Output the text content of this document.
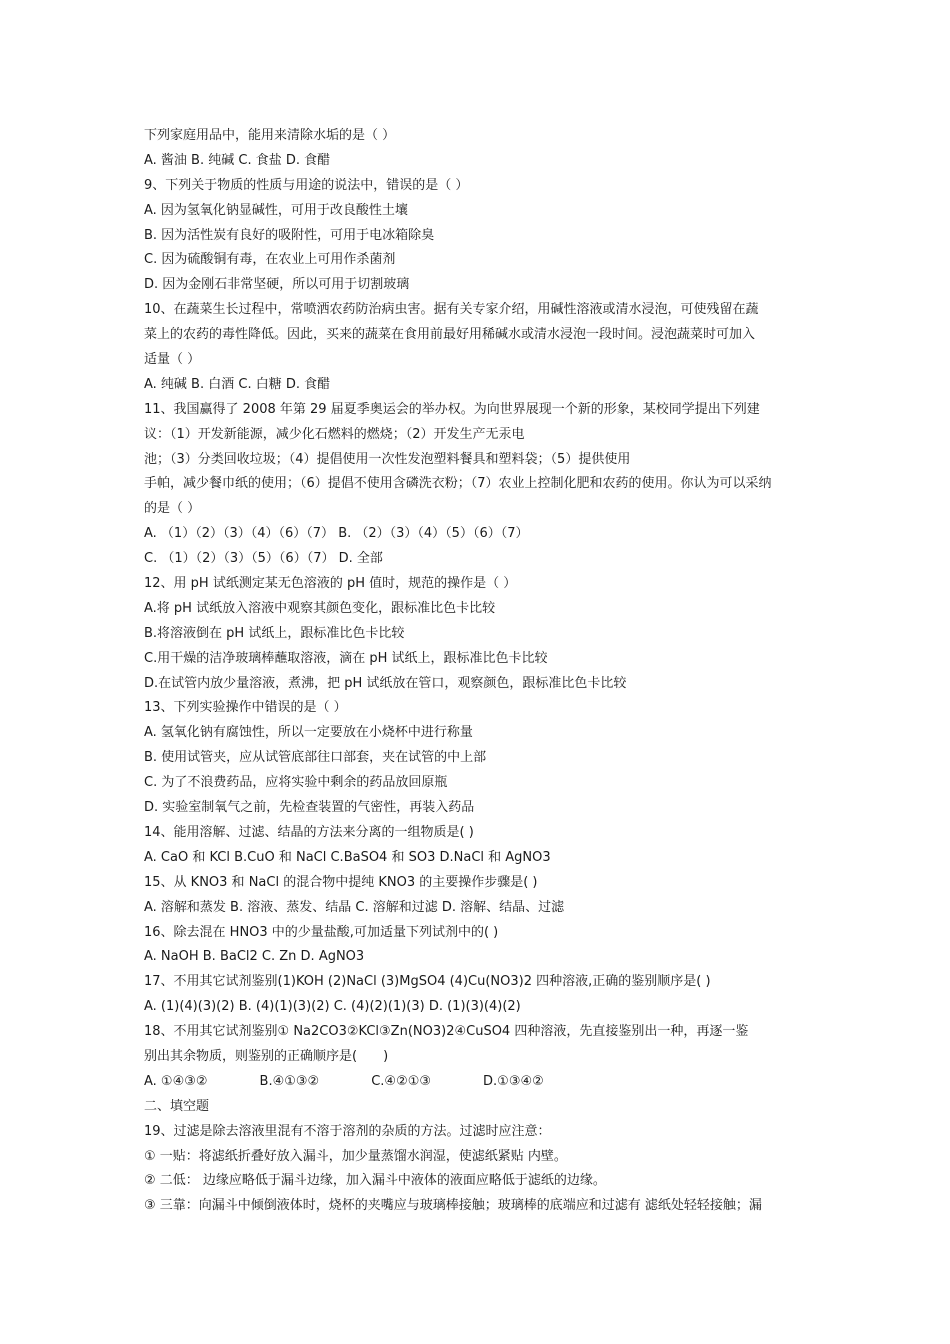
下列家庭用品中，能用来清除水垢的是（ ）
A. 酱油 B. 纯碱 C. 食盐 D. 食醋
9、下列关于物质的性质与用途的说法中，错误的是（ ）
A. 因为氢氧化钠显碱性，可用于改良酸性土壤
B. 因为活性炭有良好的吸附性，可用于电冰箱除臭
C. 因为硫酸铜有毒，在农业上可用作杀菌剂
D. 因为金刚石非常坚硬，所以可用于切割玻璃
10、在蔬菜生长过程中，常喷洒农药防治病虫害。据有关专家介绍，用碱性溶液或清水浸泡，可使残留在蔬
菜上的农药的毒性降低。因此，买来的蔬菜在食用前最好用稀碱水或清水浸泡一段时间。浸泡蔬菜时可加入
适量（ ）
A. 纯碱 B. 白酒 C. 白糖 D. 食醋
11、我国赢得了 2008 年第 29 届夏季奥运会的举办权。为向世界展现一个新的形象，某校同学提出下列建
议：（1）开发新能源，减少化石燃料的燃烧；（2）开发生产无汞电
池；（3）分类回收垃圾；（4）提倡使用一次性发泡塑料餐具和塑料袋；（5）提供使用
手帕，减少餐巾纸的使用；（6）提倡不使用含磷洗衣粉；（7）农业上控制化肥和农药的使用。你认为可以采纳
的是（ ）
A. （1）（2）（3）（4）（6）（7） B. （2）（3）（4）（5）（6）（7）
C. （1）（2）（3）（5）（6）（7） D. 全部
12、用 pH 试纸测定某无色溶液的 pH 值时，规范的操作是（ ）
A.将 pH 试纸放入溶液中观察其颜色变化，跟标准比色卡比较
B.将溶液倒在 pH 试纸上，跟标准比色卡比较
C.用干燥的洁净玻璃棒蘸取溶液，滴在 pH 试纸上，跟标准比色卡比较
D.在试管内放少量溶液，煮沸，把 pH 试纸放在管口，观察颜色，跟标准比色卡比较
13、下列实验操作中错误的是（ ）
A. 氢氧化钠有腐蚀性，所以一定要放在小烧杯中进行称量
B. 使用试管夹，应从试管底部往口部套，夹在试管的中上部
C. 为了不浪费药品，应将实验中剩余的药品放回原瓶
D. 实验室制氧气之前，先检查装置的气密性，再装入药品
14、能用溶解、过滤、结晶的方法来分离的一组物质是( )
A. CaO 和 KCl B.CuO 和 NaCl C.BaSO4 和 SO3 D.NaCl 和 AgNO3
15、从 KNO3 和 NaCl 的混合物中提纯 KNO3 的主要操作步骤是( )
A. 溶解和蒸发 B. 溶液、蒸发、结晶 C. 溶解和过滤 D. 溶解、结晶、过滤
16、除去混在 HNO3 中的少量盐酸,可加适量下列试剂中的( )
A. NaOH B. BaCl2 C. Zn D. AgNO3
17、不用其它试剂鉴别(1)KOH (2)NaCl (3)MgSO4 (4)Cu(NO3)2 四种溶液,正确的鉴别顺序是( )
A. (1)(4)(3)(2) B. (4)(1)(3)(2) C. (4)(2)(1)(3) D. (1)(3)(4)(2)
18、不用其它试剂鉴别① Na2CO3②KCl③Zn(NO3)2④CuSO4 四种溶液，先直接鉴别出一种，再逐一鉴
别出其余物质，则鉴别的正确顺序是(　　)
A. ①④③②　　　　B.④①③②　　　　C.④②①③　　　　D.①③④②
二、填空题
19、过滤是除去溶液里混有不溶于溶剂的杂质的方法。过滤时应注意：
① 一贴：将滤纸折叠好放入漏斗，加少量蒸馏水润湿，使滤纸紧贴 内壁。
② 二低： 边缘应略低于漏斗边缘，加入漏斗中液体的液面应略低于滤纸的边缘。
③ 三靠：向漏斗中倾倒液体时，烧杯的夹嘴应与玻璃棒接触；玻璃棒的底端应和过滤有 滤纸处轻轻接触；漏
